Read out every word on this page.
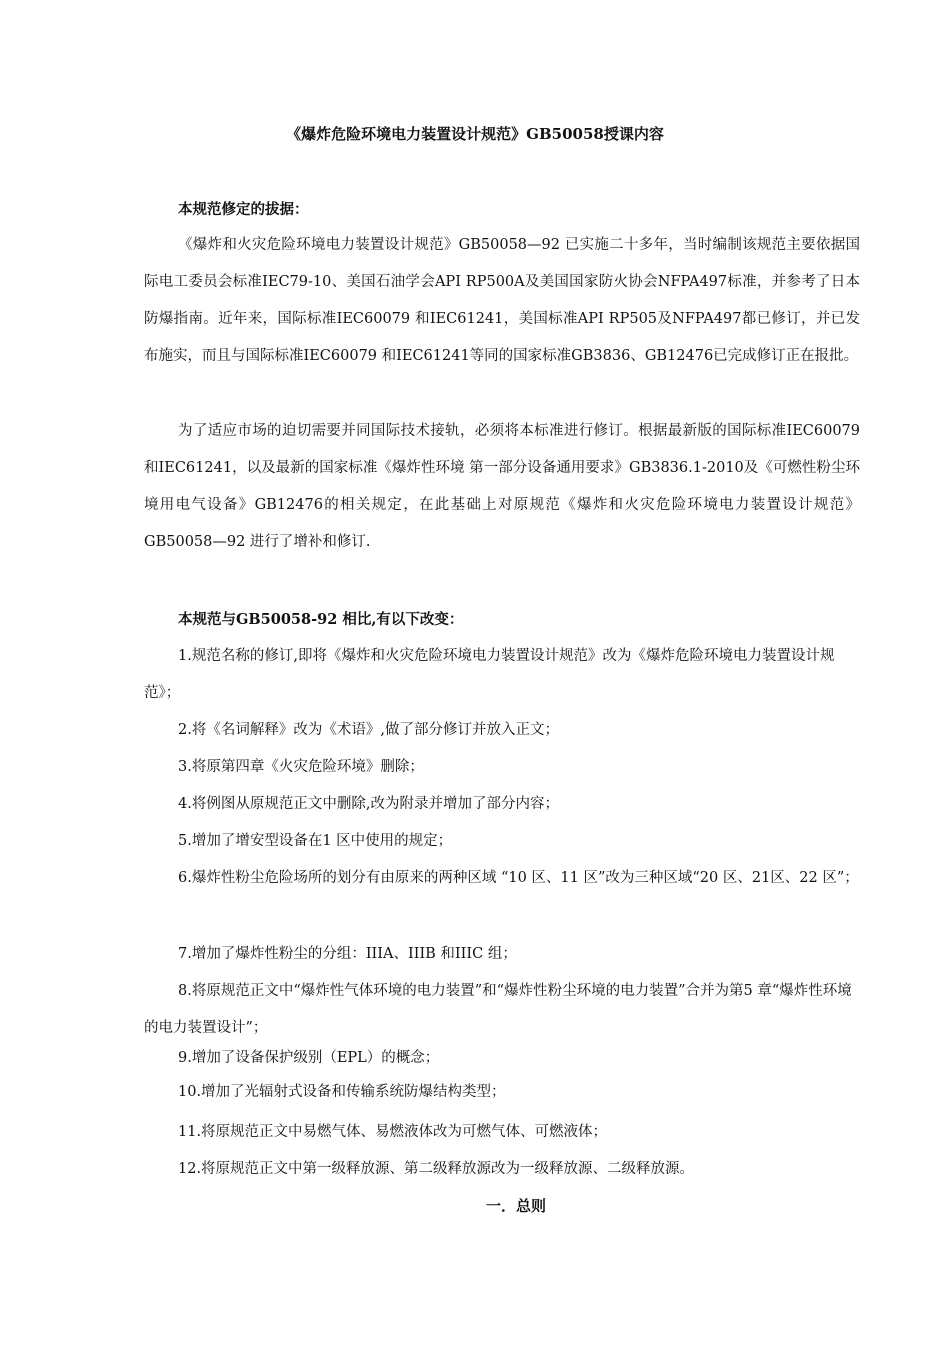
《爆炸危险环境电力装置设计规范》GB50058授课内容
本规范修定的拔据：
《爆炸和火灾危险环境电力装置设计规范》GB50058—92 已实施二十多年，当时编制该规范主要依据国际电工委员会标准IEC79-10、美国石油学会API RP500A及美国国家防火协会NFPA497标准，并参考了日本防爆指南。近年来，国际标准IEC60079 和IEC61241，美国标准API RP505及NFPA497都已修订，并已发布施实，而且与国际标准IEC60079 和IEC61241等同的国家标准GB3836、GB12476已完成修订正在报批。
为了适应市场的迫切需要并同国际技术接轨，必须将本标准进行修订。根据最新版的国际标准IEC60079 和IEC61241，以及最新的国家标准《爆炸性环境 第一部分设备通用要求》GB3836.1-2010及《可燃性粉尘环境用电气设备》GB12476的相关规定，在此基础上对原规范《爆炸和火灾危险环境电力装置设计规范》GB50058—92 进行了增补和修订.
本规范与GB50058-92 相比,有以下改变：
1.规范名称的修订,即将《爆炸和火灾危险环境电力装置设计规范》改为《爆炸危险环境电力装置设计规范》；
2.将《名词解释》改为《术语》,做了部分修订并放入正文；
3.将原第四章《火灾危险环境》删除；
4.将例图从原规范正文中删除,改为附录并增加了部分内容；
5.增加了增安型设备在1 区中使用的规定；
6.爆炸性粉尘危险场所的划分有由原来的两种区域 “10 区、11 区”改为三种区域“20 区、21区、22 区”；
7.增加了爆炸性粉尘的分组：IIIA、IIIB 和IIIC 组；
8.将原规范正文中“爆炸性气体环境的电力装置”和“爆炸性粉尘环境的电力装置”合并为第5 章“爆炸性环境的电力装置设计”；
9.增加了设备保护级别（EPL）的概念；
10.增加了光辐射式设备和传输系统防爆结构类型；
11.将原规范正文中易燃气体、易燃液体改为可燃气体、可燃液体；
12.将原规范正文中第一级释放源、第二级释放源改为一级释放源、二级释放源。
一．总则
